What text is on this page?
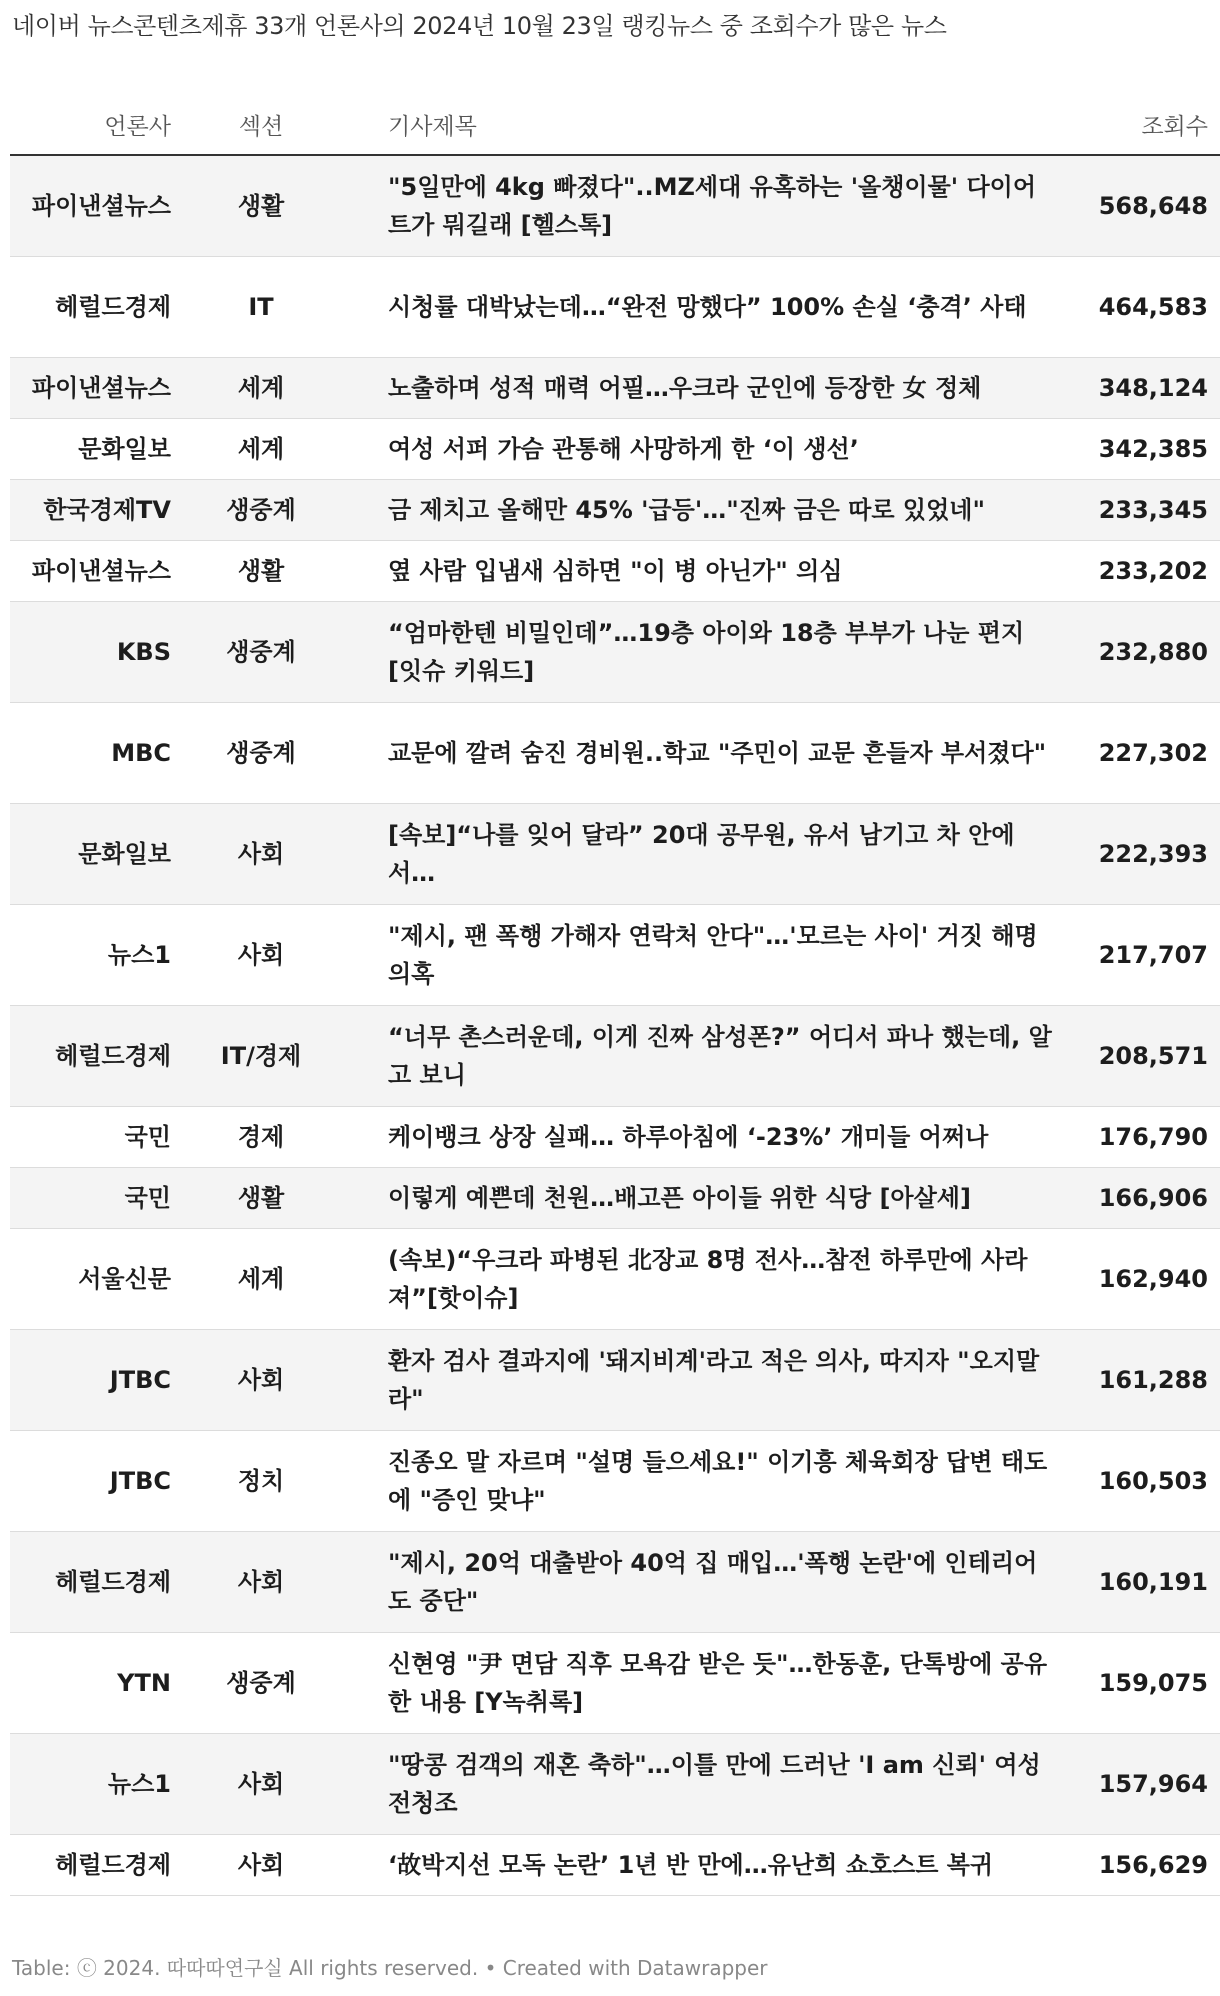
네이버 뉴스콘텐츠제휴 33개 언론사의 2024년 10월 23일 랭킹뉴스 중 조회수가 많은 뉴스
언론사	섹션		기사제목	조회수
파이낸셜뉴스	생활		"5일만에 4kg 빠졌다"..MZ세대 유혹하는 '올챙이물' 다이어트가 뭐길래 [헬스톡]	568,648
헤럴드경제	IT		시청률 대박났는데…“완전 망했다” 100% 손실 ‘충격’ 사태	464,583
파이낸셜뉴스	세계		노출하며 성적 매력 어필…우크라 군인에 등장한 女 정체	348,124
문화일보	세계		여성 서퍼 가슴 관통해 사망하게 한 ‘이 생선’	342,385
한국경제TV	생중계		금 제치고 올해만 45% '급등'…"진짜 금은 따로 있었네"	233,345
파이낸셜뉴스	생활		옆 사람 입냄새 심하면 "이 병 아닌가" 의심	233,202
KBS	생중계		“엄마한텐 비밀인데”…19층 아이와 18층 부부가 나눈 편지 [잇슈 키워드]	232,880
MBC	생중계		교문에 깔려 숨진 경비원..학교 "주민이 교문 흔들자 부서졌다"	227,302
문화일보	사회		[속보]“나를 잊어 달라” 20대 공무원, 유서 남기고 차 안에서…	222,393
뉴스1	사회		"제시, 팬 폭행 가해자 연락처 안다"…'모르는 사이' 거짓 해명 의혹	217,707
헤럴드경제	IT/경제		“너무 촌스러운데, 이게 진짜 삼성폰?” 어디서 파나 했는데, 알고 보니	208,571
국민	경제		케이뱅크 상장 실패… 하루아침에 ‘-23%’ 개미들 어쩌나	176,790
국민	생활		이렇게 예쁜데 천원…배고픈 아이들 위한 식당 [아살세]	166,906
서울신문	세계		(속보)“우크라 파병된 北장교 8명 전사…참전 하루만에 사라져”[핫이슈]	162,940
JTBC	사회		환자 검사 결과지에 '돼지비계'라고 적은 의사, 따지자 "오지말라"	161,288
JTBC	정치		진종오 말 자르며 "설명 들으세요!" 이기흥 체육회장 답변 태도에 "증인 맞냐"	160,503
헤럴드경제	사회		"제시, 20억 대출받아 40억 집 매입…'폭행 논란'에 인테리어도 중단"	160,191
YTN	생중계		신현영 "尹 면담 직후 모욕감 받은 듯"…한동훈, 단톡방에 공유한 내용 [Y녹취록]	159,075
뉴스1	사회		"땅콩 검객의 재혼 축하"…이틀 만에 드러난 'I am 신뢰' 여성 전청조	157,964
헤럴드경제	사회		‘故박지선 모독 논란’ 1년 반 만에…유난희 쇼호스트 복귀	156,629
Table: ⓒ 2024. 따따따연구실 All rights reserved. • Created with Datawrapper
